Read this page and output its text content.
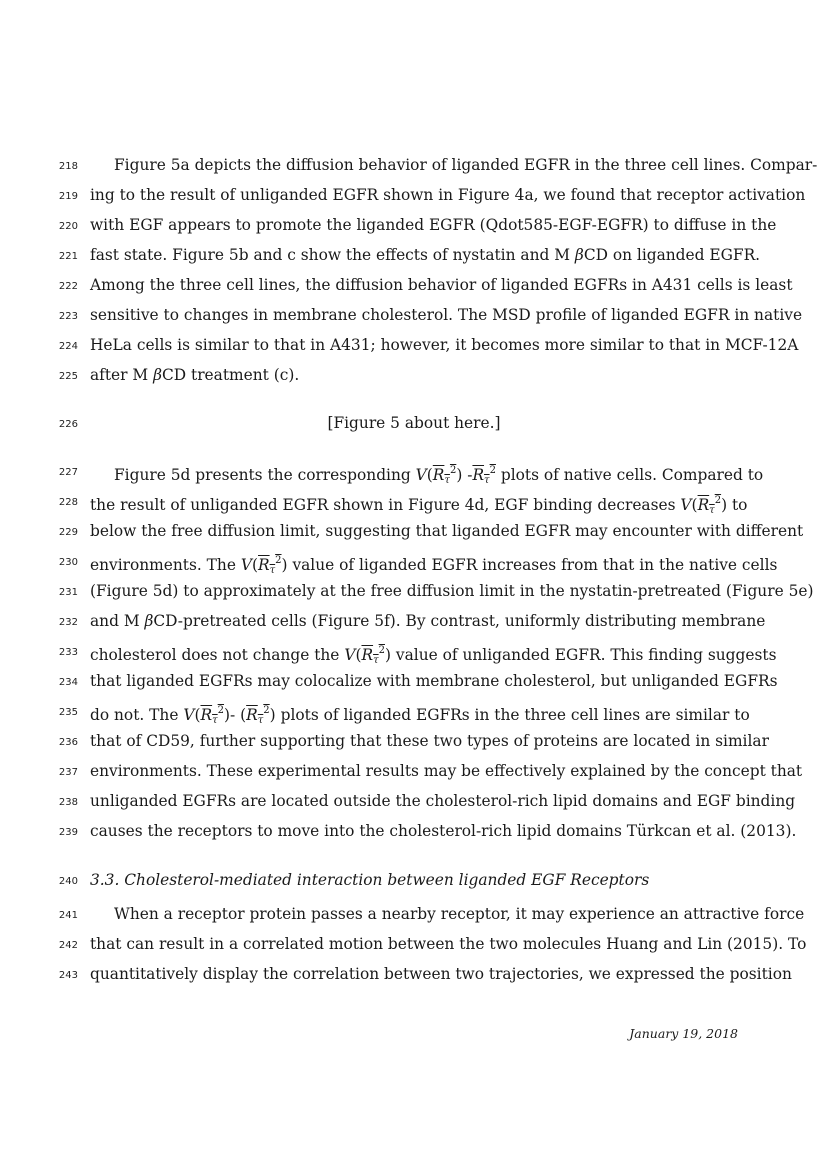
218 Figure 5a depicts the diffusion behavior of liganded EGFR in the three cell lines. Compar-
219 ing to the result of unliganded EGFR shown in Figure 4a, we found that receptor activation
220 with EGF appears to promote the liganded EGFR (Qdot585-EGF-EGFR) to diffuse in the
221 fast state. Figure 5b and c show the effects of nystatin and M βCD on liganded EGFR.
222 Among the three cell lines, the diffusion behavior of liganded EGFRs in A431 cells is least
223 sensitive to changes in membrane cholesterol. The MSD profile of liganded EGFR in native
224 HeLa cells is similar to that in A431; however, it becomes more similar to that in MCF-12A
225 after M βCD treatment (c).
226	[Figure 5 about here.]
227 Figure 5d presents the corresponding $V(R_\tau^2)$ $-R_\tau^2$ plots of native cells. Compared to
228 the result of unliganded EGFR shown in Figure 4d, EGF binding decreases $V(R_\tau^2)$ to
229 below the free diffusion limit, suggesting that liganded EGFR may encounter with different
230 environments. The $V(R_\tau^2)$ value of liganded EGFR increases from that in the native cells
231 (Figure 5d) to approximately at the free diffusion limit in the nystatin-pretreated (Figure 5e)
232 and M βCD-pretreated cells (Figure 5f). By contrast, uniformly distributing membrane
233 cholesterol does not change the $V(R_\tau^2)$ value of unliganded EGFR. This finding suggests
234 that liganded EGFRs may colocalize with membrane cholesterol, but unliganded EGFRs
235 do not. The $V(R_\tau^2)-$ $(R_\tau^2)$ plots of liganded EGFRs in the three cell lines are similar to
236 that of CD59, further supporting that these two types of proteins are located in similar
237 environments. These experimental results may be effectively explained by the concept that
238 unliganded EGFRs are located outside the cholesterol-rich lipid domains and EGF binding
239 causes the receptors to move into the cholesterol-rich lipid domains Türkcan et al. (2013).
240 3.3. Cholesterol-mediated interaction between liganded EGF Receptors
241 When a receptor protein passes a nearby receptor, it may experience an attractive force
242 that can result in a correlated motion between the two molecules Huang and Lin (2015). To
243 quantitatively display the correlation between two trajectories, we expressed the position
January 19, 2018
